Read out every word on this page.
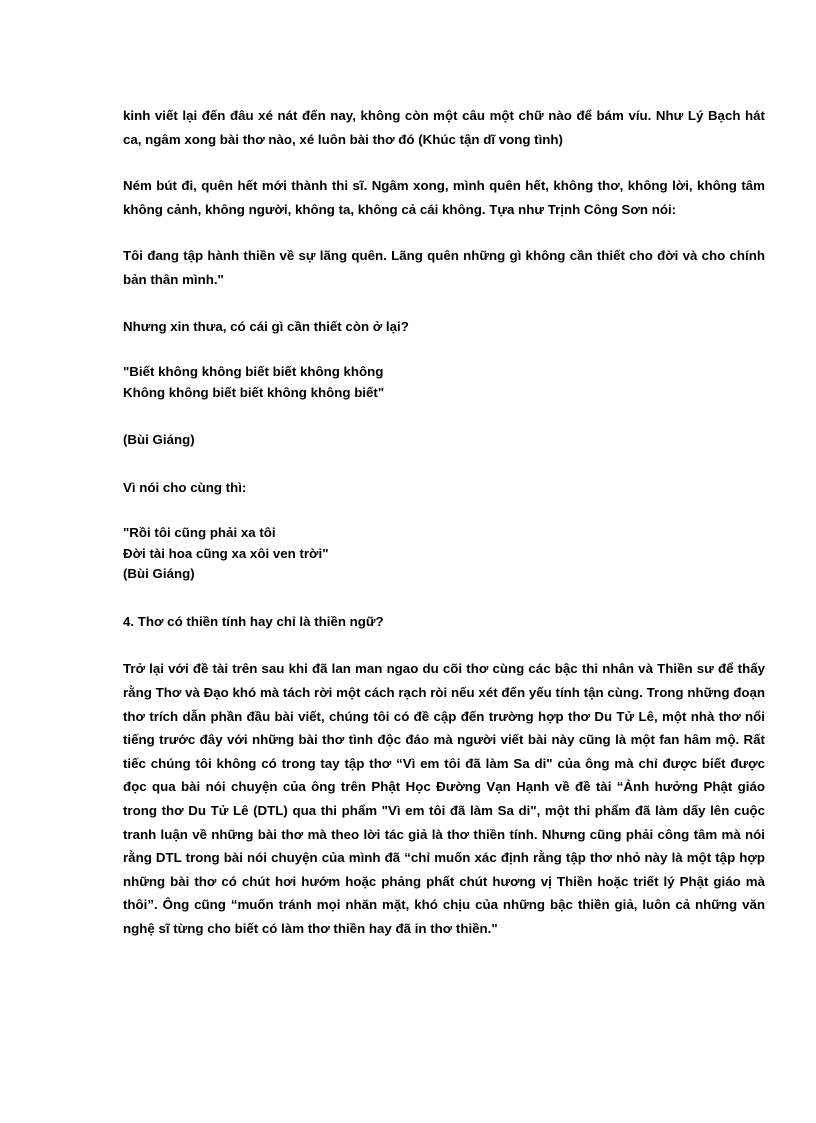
kinh viết lại đến đâu xé nát đến nay, không còn một câu một chữ nào để bám víu. Như Lý Bạch hát ca, ngâm xong bài thơ nào, xé luôn bài thơ đó (Khúc tận dĩ vong tình)

Ném bút đi, quên hết mới thành thi sĩ. Ngâm xong, mình quên hết, không thơ, không lời, không tâm không cảnh, không người, không ta, không cả cái không. Tựa như Trịnh Công Sơn nói:

Tôi đang tập hành thiền về sự lãng quên. Lãng quên những gì không cần thiết cho đời và cho chính bản thân mình."

Nhưng xin thưa, có cái gì cần thiết còn ở lại?

"Biết không không biết biết không không

Không không biết biết không không biết"

(Bùi Giáng)

Vì nói cho cùng thì:

"Rồi tôi cũng phải xa tôi

Đời tài hoa cũng xa xôi ven trời"

(Bùi Giáng)

4. Thơ có thiền tính hay chỉ là thiền ngữ?

Trở lại với đề tài trên sau khi đã lan man ngao du cõi thơ cùng các bậc thi nhân và Thiền sư để thấy rằng Thơ và Đạo khó mà tách rời một cách rạch ròi nếu xét đến yếu tính tận cùng. Trong những đoạn thơ trích dẫn phần đầu bài viết, chúng tôi có đề cập đến trường hợp thơ Du Tử Lê, một nhà thơ nổi tiếng trước đây với những bài thơ tình độc đáo mà người viết bài này cũng là một fan hâm mộ. Rất tiếc chúng tôi không có trong tay tập thơ “Vì em tôi đã làm Sa di" của ông mà chỉ được biết được đọc qua bài nói chuyện của ông trên Phật Học Đường Vạn Hạnh về đề tài “Ảnh hưởng Phật giáo trong thơ Du Tử Lê (DTL) qua thi phẩm "Vì em tôi đã làm Sa di", một thi phẩm đã làm dấy lên cuộc tranh luận về những bài thơ mà theo lời tác giả là thơ thiền tính. Nhưng cũng phải công tâm mà nói rằng DTL trong bài nói chuyện của mình đã “chỉ muốn xác định rằng tập thơ nhỏ này là một tập hợp những bài thơ có chút hơi hướm hoặc phảng phất chút hương vị Thiền hoặc triết lý Phật giáo mà thôi”. Ông cũng “muốn tránh mọi nhăn mặt, khó chịu của những bậc thiền giả, luôn cả những văn nghệ sĩ từng cho biết có làm thơ thiền hay đã in thơ thiền."
